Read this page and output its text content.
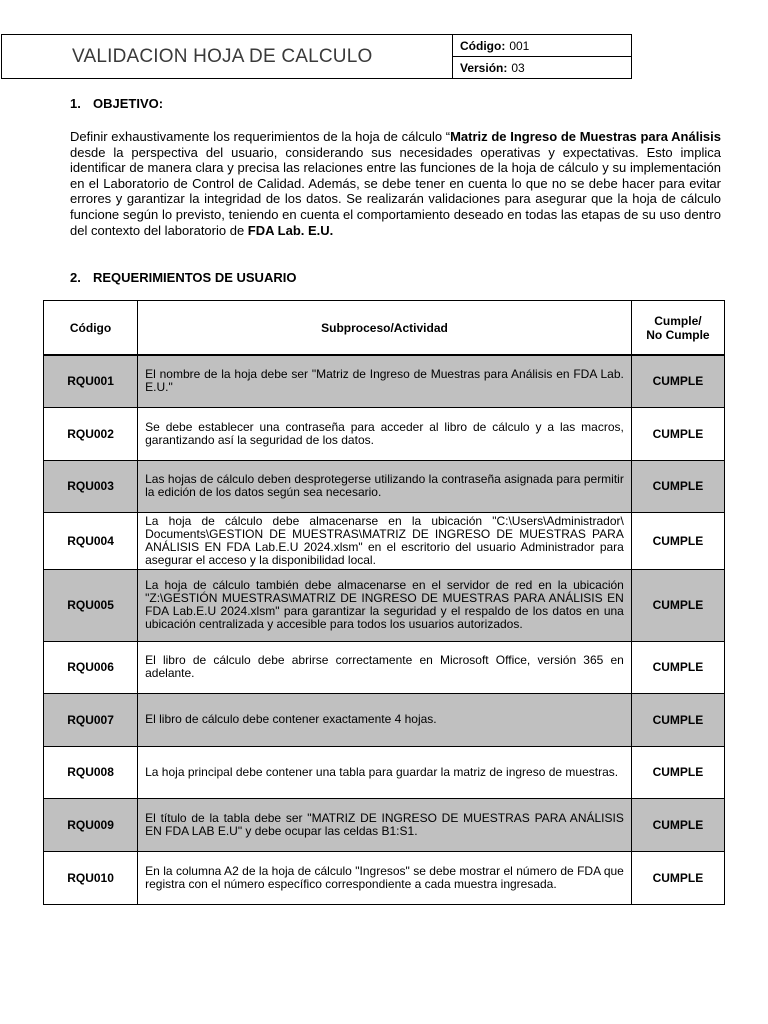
VALIDACION HOJA DE CALCULO	Código: 001
Versión: 03
1. OBJETIVO:
Definir exhaustivamente los requerimientos de la hoja de cálculo “Matriz de Ingreso de Muestras para Análisis desde la perspectiva del usuario, considerando sus necesidades operativas y expectativas. Esto implica identificar de manera clara y precisa las relaciones entre las funciones de la hoja de cálculo y su implementación en el Laboratorio de Control de Calidad. Además, se debe tener en cuenta lo que no se debe hacer para evitar errores y garantizar la integridad de los datos. Se realizarán validaciones para asegurar que la hoja de cálculo funcione según lo previsto, teniendo en cuenta el comportamiento deseado en todas las etapas de su uso dentro del contexto del laboratorio de FDA Lab. E.U.
2. REQUERIMIENTOS DE USUARIO
Código	Subproceso/Actividad	Cumple/
No Cumple
RQU001	El nombre de la hoja debe ser "Matriz de Ingreso de Muestras para Análisis en FDA Lab. E.U."	CUMPLE
RQU002	Se debe establecer una contraseña para acceder al libro de cálculo y a las macros, garantizando así la seguridad de los datos.	CUMPLE
RQU003	Las hojas de cálculo deben desprotegerse utilizando la contraseña asignada para permitir la edición de los datos según sea necesario.	CUMPLE
RQU004	La hoja de cálculo debe almacenarse en la ubicación "C:\Users\Administrador\ Documents\GESTION DE MUESTRAS\MATRIZ DE INGRESO DE MUESTRAS PARA ANÁLISIS EN FDA Lab.E.U 2024.xlsm" en el escritorio del usuario Administrador para asegurar el acceso y la disponibilidad local.	CUMPLE
RQU005	La hoja de cálculo también debe almacenarse en el servidor de red en la ubicación "Z:\GESTIÓN MUESTRAS\MATRIZ DE INGRESO DE MUESTRAS PARA ANÁLISIS EN FDA Lab.E.U 2024.xlsm" para garantizar la seguridad y el respaldo de los datos en una ubicación centralizada y accesible para todos los usuarios autorizados.	CUMPLE
RQU006	El libro de cálculo debe abrirse correctamente en Microsoft Office, versión 365 en adelante.	CUMPLE
RQU007	El libro de cálculo debe contener exactamente 4 hojas.	CUMPLE
RQU008	La hoja principal debe contener una tabla para guardar la matriz de ingreso de muestras.	CUMPLE
RQU009	El título de la tabla debe ser "MATRIZ DE INGRESO DE MUESTRAS PARA ANÁLISIS EN FDA LAB E.U" y debe ocupar las celdas B1:S1.	CUMPLE
RQU010	En la columna A2 de la hoja de cálculo "Ingresos" se debe mostrar el número de FDA que registra con el número específico correspondiente a cada muestra ingresada.	CUMPLE
